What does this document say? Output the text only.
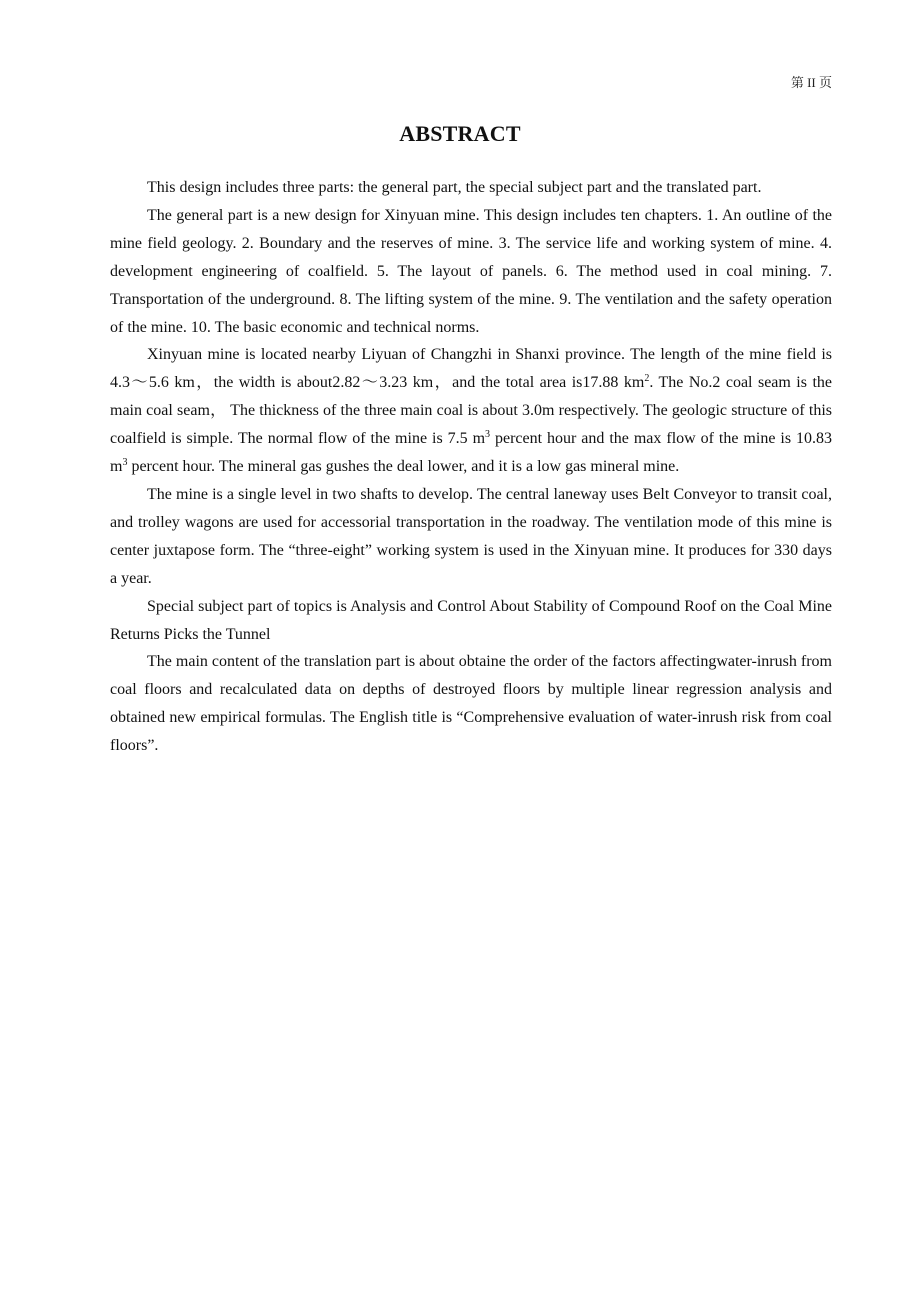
第 II 页
ABSTRACT

This design includes three parts: the general part, the special subject part and the translated part.

The general part is a new design for Xinyuan mine. This design includes ten chapters. 1. An outline of the mine field geology. 2. Boundary and the reserves of mine. 3. The service life and working system of mine. 4. development engineering of coalfield. 5. The layout of panels. 6. The method used in coal mining. 7. Transportation of the underground. 8. The lifting system of the mine. 9. The ventilation and the safety operation of the mine. 10. The basic economic and technical norms.

Xinyuan mine is located nearby Liyuan of Changzhi in Shanxi province. The length of the mine field is 4.3～5.6 km，the width is about2.82～3.23 km，and the total area is17.88 $km^2$. The No.2 coal seam is the main coal seam， The thickness of the three main coal is about 3.0m respectively. The geologic structure of this coalfield is simple. The normal flow of the mine is 7.5 $m^3$ percent hour and the max flow of the mine is 10.83 $m^3$ percent hour. The mineral gas gushes the deal lower, and it is a low gas mineral mine.

The mine is a single level in two shafts to develop. The central laneway uses Belt Conveyor to transit coal, and trolley wagons are used for accessorial transportation in the roadway. The ventilation mode of this mine is center juxtapose form. The “three-eight” working system is used in the Xinyuan mine. It produces for 330 days a year.

Special subject part of topics is Analysis and Control About Stability of Compound Roof on the Coal Mine Returns Picks the Tunnel

The main content of the translation part is about obtaine the order of the factors affectingwater-inrush from coal floors and recalculated data on depths of destroyed floors by multiple linear regression analysis and obtained new empirical formulas. The English title is “Comprehensive evaluation of water-inrush risk from coal floors”.
